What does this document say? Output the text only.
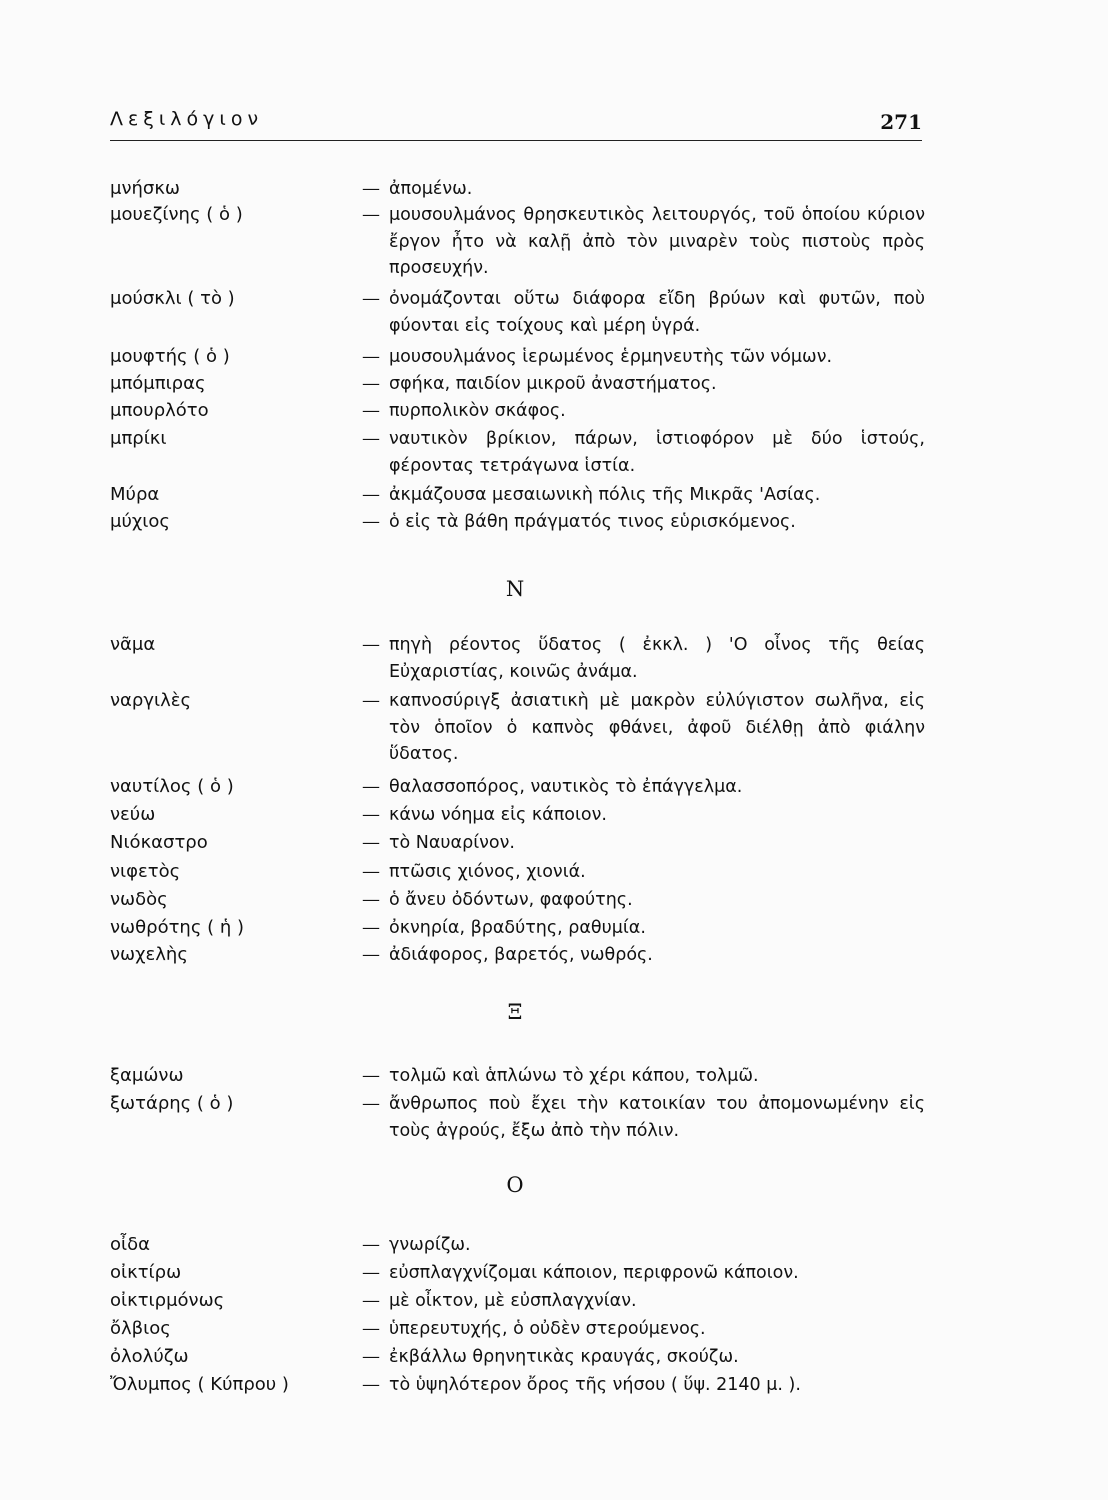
Λεξιλόγιον	271
μνήσκω	— ἀπομένω.
μουεζίνης ( ὁ )	— μουσουλμάνος θρησκευτικὸς λειτουργός, τοῦ ὁποίου κύριον ἔργον ἦτο νὰ καλῇ ἀπὸ τὸν μιναρὲν τοὺς πιστοὺς πρὸς προσευχήν.
μούσκλι ( τὸ )	— ὀνομάζονται οὕτω διάφορα εἴδη βρύων καὶ φυτῶν, ποὺ φύονται εἰς τοίχους καὶ μέρη ὑγρά.
μουφτής ( ὁ )	— μουσουλμάνος ἱερωμένος ἑρμηνευτὴς τῶν νόμων.
μπόμπιρας	— σφήκα, παιδίον μικροῦ ἀναστήματος.
μπουρλότο	— πυρπολικὸν σκάφος.
μπρίκι	— ναυτικὸν βρίκιον, πάρων, ἱστιοφόρον μὲ δύο ἱστούς, φέροντας τετράγωνα ἱστία.
Μύρα	— ἀκμάζουσα μεσαιωνικὴ πόλις τῆς Μικρᾶς 'Ασίας.
μύχιος	— ὁ εἰς τὰ βάθη πράγματός τινος εὑρισκόμενος.
N
νᾶμα	— πηγὴ ρέοντος ὕδατος ( ἐκκλ. ) 'Ο οἶνος τῆς θείας Εὐχαριστίας, κοινῶς ἀνάμα.
ναργιλὲς	— καπνοσύριγξ ἀσιατικὴ μὲ μακρὸν εὐλύγιστον σωλῆνα, εἰς τὸν ὁποῖον ὁ καπνὸς φθάνει, ἀφοῦ διέλθῃ ἀπὸ φιάλην ὕδατος.
ναυτίλος ( ὁ )	— θαλασσοπόρος, ναυτικὸς τὸ ἐπάγγελμα.
νεύω	— κάνω νόημα εἰς κάποιον.
Νιόκαστρο	— τὸ Ναυαρίνον.
νιφετὸς	— πτῶσις χιόνος, χιονιά.
νωδὸς	— ὁ ἄνευ ὀδόντων, φαφούτης.
νωθρότης ( ἡ )	— ὀκνηρία, βραδύτης, ραθυμία.
νωχελὴς	— ἀδιάφορος, βαρετός, νωθρός.
Ξ
ξαμώνω	— τολμῶ καὶ ἁπλώνω τὸ χέρι κάπου, τολμῶ.
ξωτάρης ( ὁ )	— ἄνθρωπος ποὺ ἔχει τὴν κατοικίαν του ἀπομονωμένην εἰς τοὺς ἀγρούς, ἔξω ἀπὸ τὴν πόλιν.
O
οἶδα	— γνωρίζω.
οἰκτίρω	— εὐσπλαγχνίζομαι κάποιον, περιφρονῶ κάποιον.
οἰκτιρμόνως	— μὲ οἶκτον, μὲ εὐσπλαγχνίαν.
ὄλβιος	— ὑπερευτυχής, ὁ οὐδὲν στερούμενος.
ὀλολύζω	— ἐκβάλλω θρηνητικὰς κραυγάς, σκούζω.
Ὄλυμπος ( Κύπρου )	— τὸ ὑψηλότερον ὄρος τῆς νήσου ( ὕψ. 2140 μ. ).
